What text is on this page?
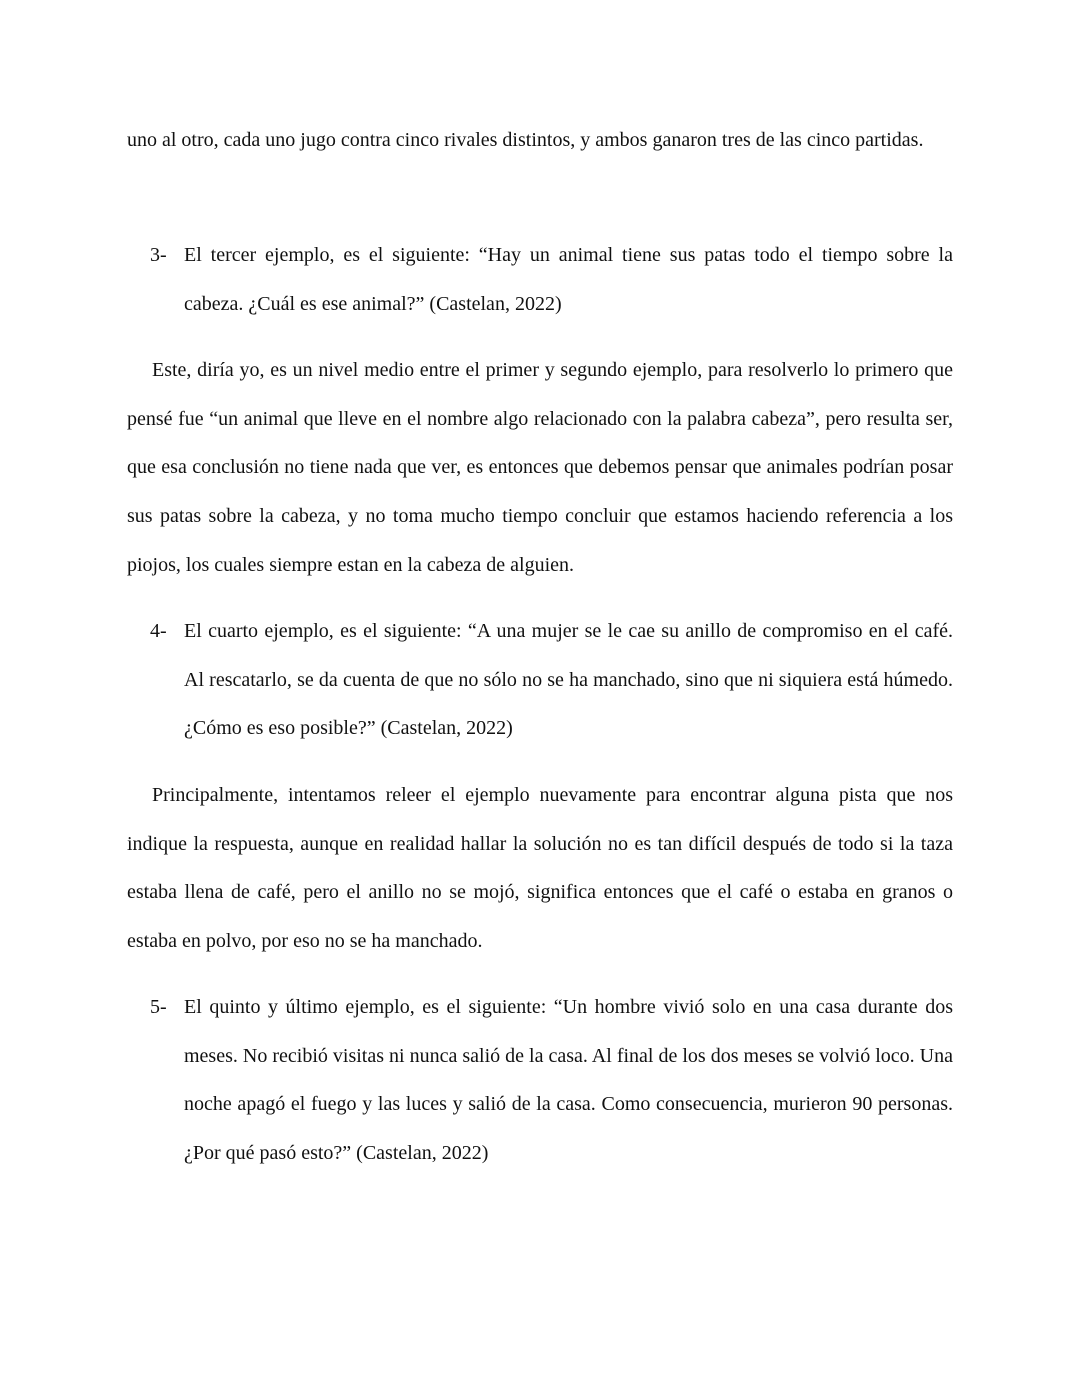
uno al otro, cada uno jugo contra cinco rivales distintos, y ambos ganaron tres de las cinco partidas.

3- El tercer ejemplo, es el siguiente: “Hay un animal tiene sus patas todo el tiempo sobre la cabeza. ¿Cuál es ese animal?” (Castelan, 2022)

Este, diría yo, es un nivel medio entre el primer y segundo ejemplo, para resolverlo lo primero que pensé fue “un animal que lleve en el nombre algo relacionado con la palabra cabeza”, pero resulta ser, que esa conclusión no tiene nada que ver, es entonces que debemos pensar que animales podrían posar sus patas sobre la cabeza, y no toma mucho tiempo concluir que estamos haciendo referencia a los piojos, los cuales siempre estan en la cabeza de alguien.

4- El cuarto ejemplo, es el siguiente: “A una mujer se le cae su anillo de compromiso en el café. Al rescatarlo, se da cuenta de que no sólo no se ha manchado, sino que ni siquiera está húmedo. ¿Cómo es eso posible?” (Castelan, 2022)

Principalmente, intentamos releer el ejemplo nuevamente para encontrar alguna pista que nos indique la respuesta, aunque en realidad hallar la solución no es tan difícil después de todo si la taza estaba llena de café, pero el anillo no se mojó, significa entonces que el café o estaba en granos o estaba en polvo, por eso no se ha manchado.

5- El quinto y último ejemplo, es el siguiente: “Un hombre vivió solo en una casa durante dos meses. No recibió visitas ni nunca salió de la casa. Al final de los dos meses se volvió loco. Una noche apagó el fuego y las luces y salió de la casa. Como consecuencia, murieron 90 personas. ¿Por qué pasó esto?” (Castelan, 2022)
